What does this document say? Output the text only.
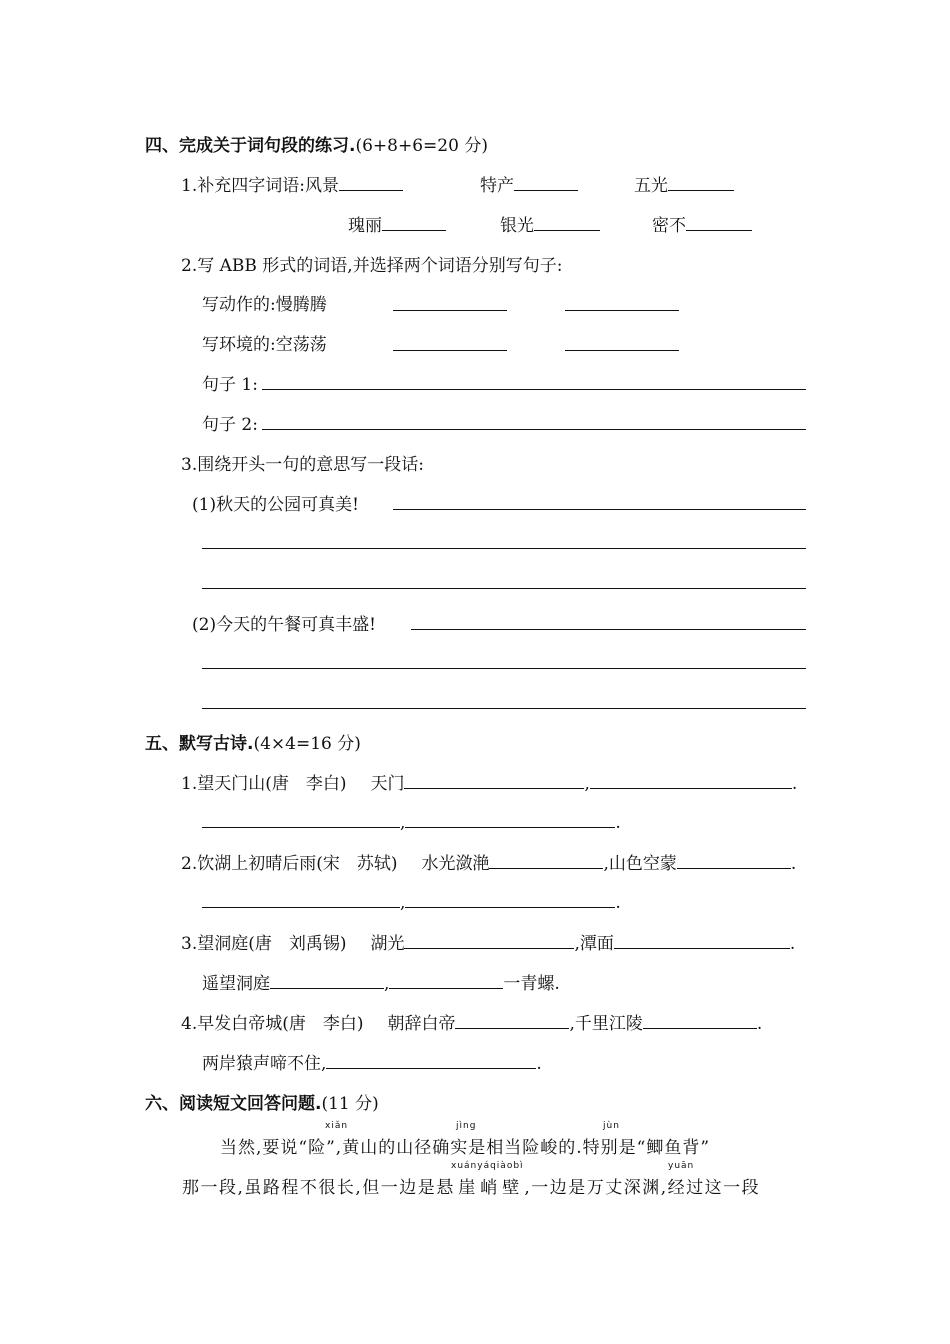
四、完成关于词句段的练习.(6+8+6=20 分)
1.补充四字词语:风景	特产	五光
瑰丽	银光	密不
2.写 ABB 形式的词语,并选择两个词语分别写句子:
写动作的:慢腾腾
写环境的:空荡荡
句子 1:
句子 2:
3.围绕开头一句的意思写一段话:
(1)秋天的公园可真美!
(2)今天的午餐可真丰盛!
五、默写古诗.(4×4=16 分)
1.望天门山(唐　李白) 天门	,	.
,	.
2.饮湖上初晴后雨(宋　苏轼) 水光潋滟	,山色空蒙	.
,	.
3.望洞庭(唐　刘禹锡) 湖光	,潭面	.
遥望洞庭	,	一青螺.
4.早发白帝城(唐　李白) 朝辞白帝	,千里江陵	.
两岸猿声啼不住,	.
六、阅读短文回答问题.(11 分)
xiǎn	jìng	jùn
xuányáqiàobì	yuān
当然,要说“险”,黄山的山径确实是相当险峻的.特别是“鲫鱼背”
那一段,虽路程不很长,但一边是悬崖峭壁,一边是万丈深渊,经过这一段
